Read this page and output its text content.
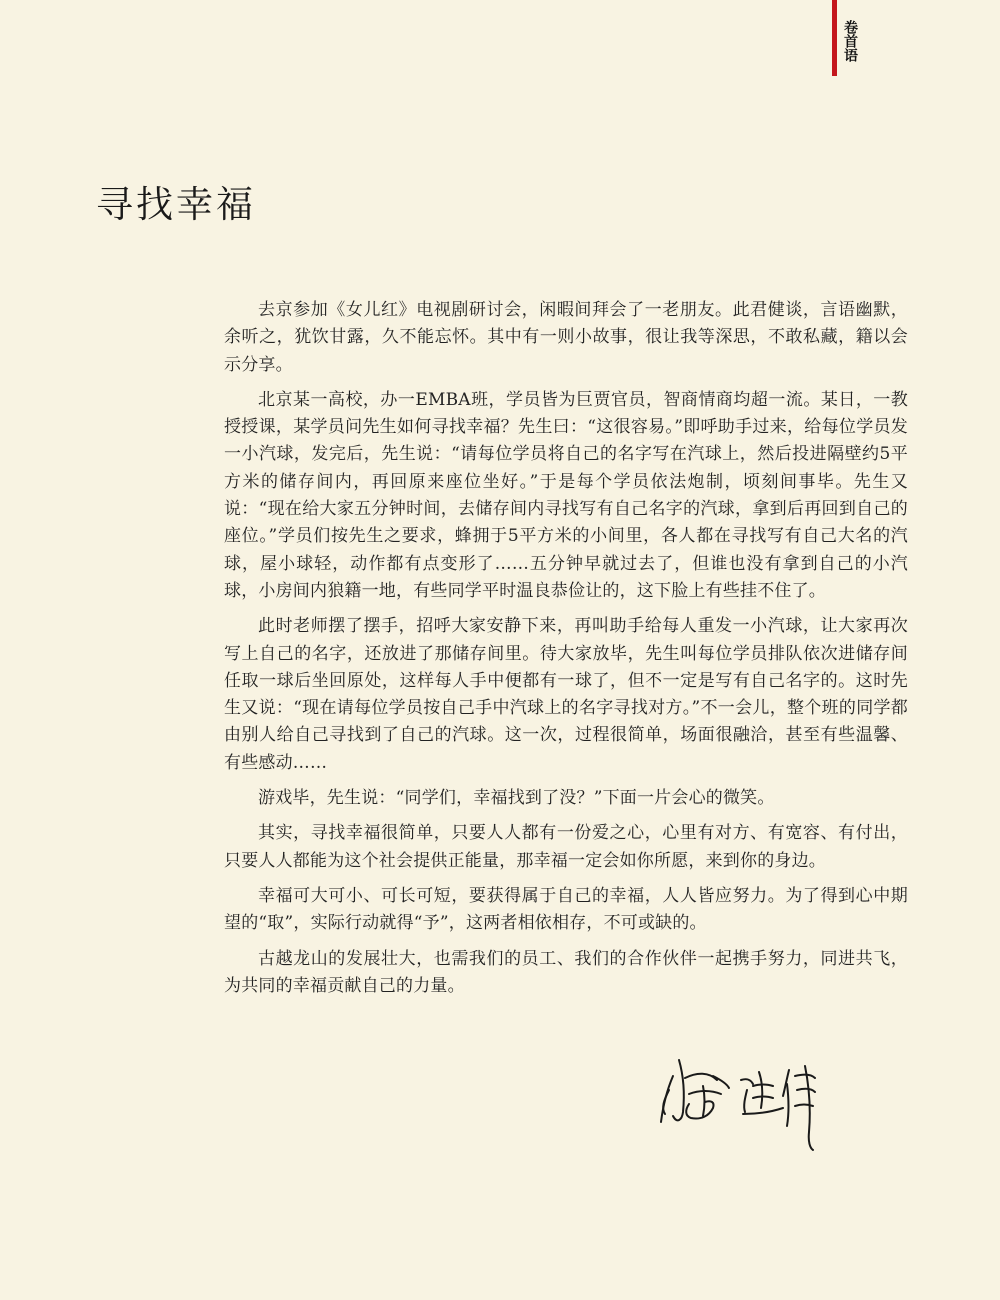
卷首语
寻找幸福

去京参加《女儿红》电视剧研讨会，闲暇间拜会了一老朋友。此君健谈，言语幽默，余听之，犹饮甘露，久不能忘怀。其中有一则小故事，很让我等深思，不敢私藏，籍以会示分享。

北京某一高校，办一EMBA班，学员皆为巨贾官员，智商情商均超一流。某日，一教授授课，某学员问先生如何寻找幸福？先生曰：“这很容易。”即呼助手过来，给每位学员发一小汽球，发完后，先生说：“请每位学员将自己的名字写在汽球上，然后投进隔壁约5平方米的储存间内，再回原来座位坐好。”于是每个学员依法炮制，顷刻间事毕。先生又说：“现在给大家五分钟时间，去储存间内寻找写有自己名字的汽球，拿到后再回到自己的座位。”学员们按先生之要求，蜂拥于5平方米的小间里，各人都在寻找写有自己大名的汽球，屋小球轻，动作都有点变形了……五分钟早就过去了，但谁也没有拿到自己的小汽球，小房间内狼籍一地，有些同学平时温良恭俭让的，这下脸上有些挂不住了。

此时老师摆了摆手，招呼大家安静下来，再叫助手给每人重发一小汽球，让大家再次写上自己的名字，还放进了那储存间里。待大家放毕，先生叫每位学员排队依次进储存间任取一球后坐回原处，这样每人手中便都有一球了，但不一定是写有自己名字的。这时先生又说：“现在请每位学员按自己手中汽球上的名字寻找对方。”不一会儿，整个班的同学都由别人给自己寻找到了自己的汽球。这一次，过程很简单，场面很融洽，甚至有些温馨、有些感动……

游戏毕，先生说：“同学们，幸福找到了没？”下面一片会心的微笑。

其实，寻找幸福很简单，只要人人都有一份爱之心，心里有对方、有宽容、有付出，只要人人都能为这个社会提供正能量，那幸福一定会如你所愿，来到你的身边。

幸福可大可小、可长可短，要获得属于自己的幸福，人人皆应努力。为了得到心中期望的“取”，实际行动就得“予”，这两者相依相存，不可或缺的。

古越龙山的发展壮大，也需我们的员工、我们的合作伙伴一起携手努力，同进共飞，为共同的幸福贡献自己的力量。
